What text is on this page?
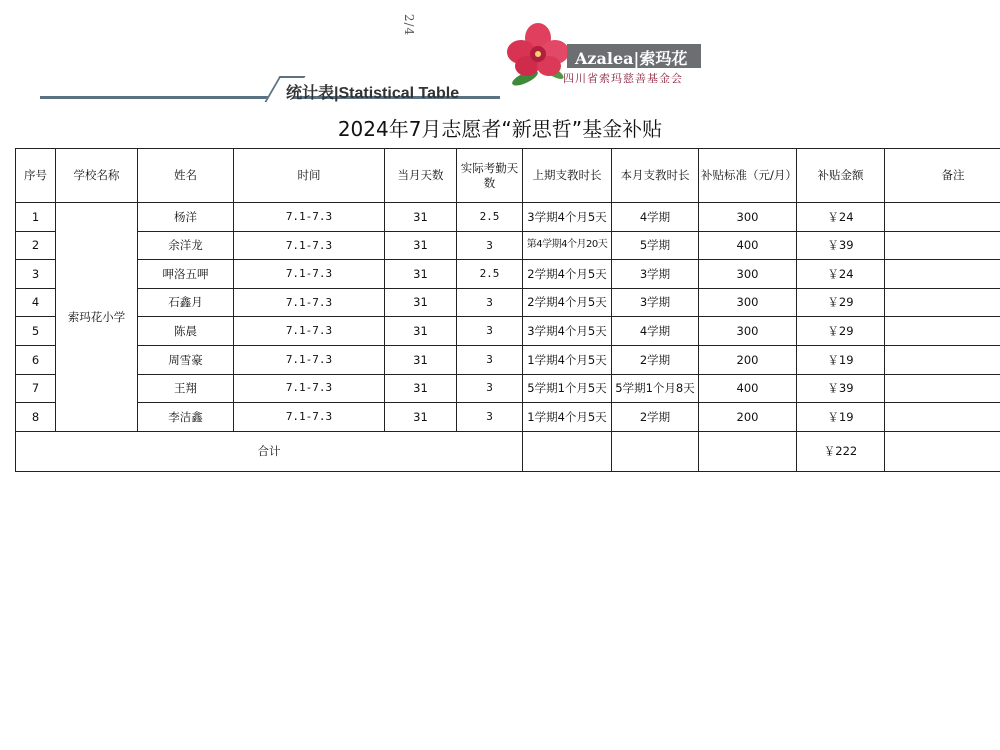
2/4
统计表|Statistical Table
Azalea|索玛花
四川省索玛慈善基金会
2024年7月志愿者“新思哲”基金补贴
序号	学校名称	姓名	时间	当月天数	实际考勤天数	上期支教时长	本月支教时长	补贴标准（元/月）	补贴金额	备注
1	索玛花小学	杨洋	7.1-7.3	31	2.5	3学期4个月5天	4学期	300	￥24	
2		余洋龙	7.1-7.3	31	3	第4学期4个月20天	5学期	400	￥39	
3		呷洛五呷	7.1-7.3	31	2.5	2学期4个月5天	3学期	300	￥24	
4		石鑫月	7.1-7.3	31	3	2学期4个月5天	3学期	300	￥29	
5		陈晨	7.1-7.3	31	3	3学期4个月5天	4学期	300	￥29	
6		周雪豪	7.1-7.3	31	3	1学期4个月5天	2学期	200	￥19	
7		王翔	7.1-7.3	31	3	5学期1个月5天	5学期1个月8天	400	￥39	
8		李洁鑫	7.1-7.3	31	3	1学期4个月5天	2学期	200	￥19	
合计									￥222	
